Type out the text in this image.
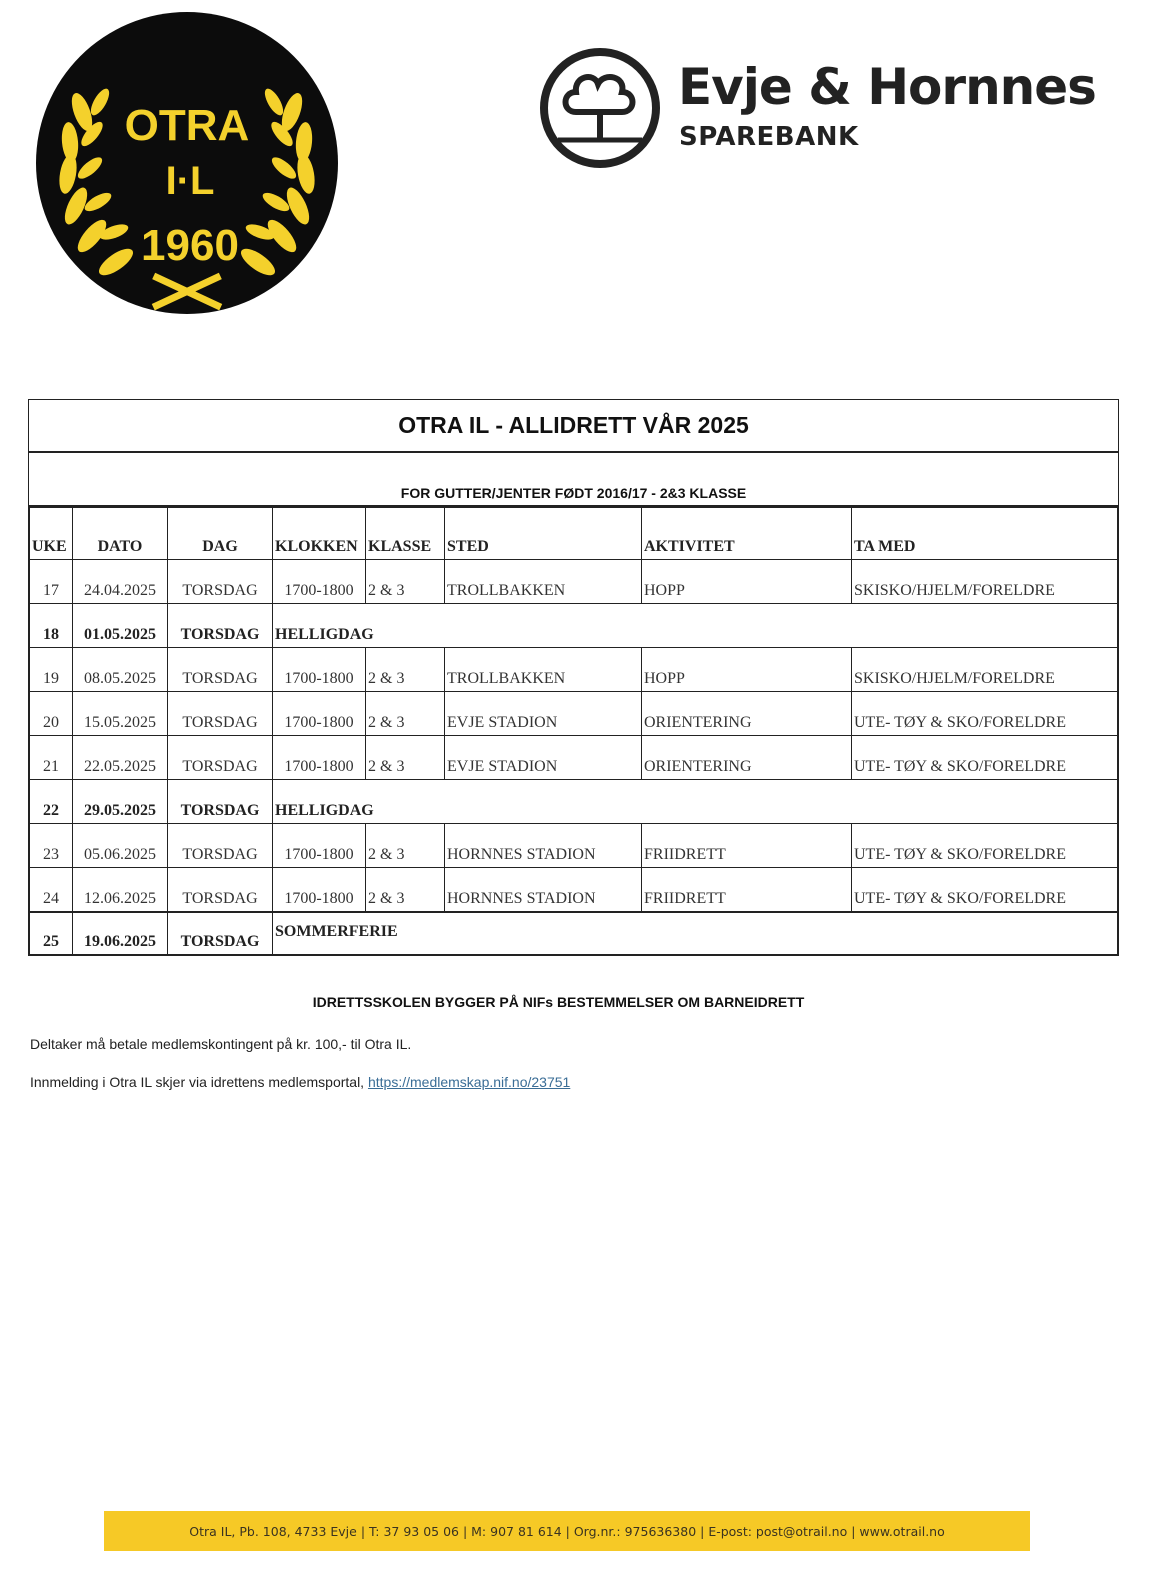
OTRA
I·L
1960
Evje & Hornnes
SPAREBANK
OTRA IL - ALLIDRETT VÅR 2025
FOR GUTTER/JENTER FØDT 2016/17 - 2&3 KLASSE
UKE	DATO	DAG	KLOKKEN	KLASSE	STED	AKTIVITET	TA MED
17	24.04.2025	TORSDAG	1700-1800	2 & 3	TROLLBAKKEN	HOPP	SKISKO/HJELM/FORELDRE
18	01.05.2025	TORSDAG	HELLIGDAG				
19	08.05.2025	TORSDAG	1700-1800	2 & 3	TROLLBAKKEN	HOPP	SKISKO/HJELM/FORELDRE
20	15.05.2025	TORSDAG	1700-1800	2 & 3	EVJE STADION	ORIENTERING	UTE- TØY & SKO/FORELDRE
21	22.05.2025	TORSDAG	1700-1800	2 & 3	EVJE STADION	ORIENTERING	UTE- TØY & SKO/FORELDRE
22	29.05.2025	TORSDAG	HELLIGDAG				
23	05.06.2025	TORSDAG	1700-1800	2 & 3	HORNNES STADION	FRIIDRETT	UTE- TØY & SKO/FORELDRE
24	12.06.2025	TORSDAG	1700-1800	2 & 3	HORNNES STADION	FRIIDRETT	UTE- TØY & SKO/FORELDRE
25	19.06.2025	TORSDAG	SOMMERFERIE				
IDRETTSSKOLEN BYGGER PÅ NIFs BESTEMMELSER OM BARNEIDRETT
Deltaker må betale medlemskontingent på kr. 100,- til Otra IL.
Innmelding i Otra IL skjer via idrettens medlemsportal, https://medlemskap.nif.no/23751
Otra IL, Pb. 108, 4733 Evje | T: 37 93 05 06 | M: 907 81 614 | Org.nr.: 975636380 | E-post: post@otrail.no | www.otrail.no
